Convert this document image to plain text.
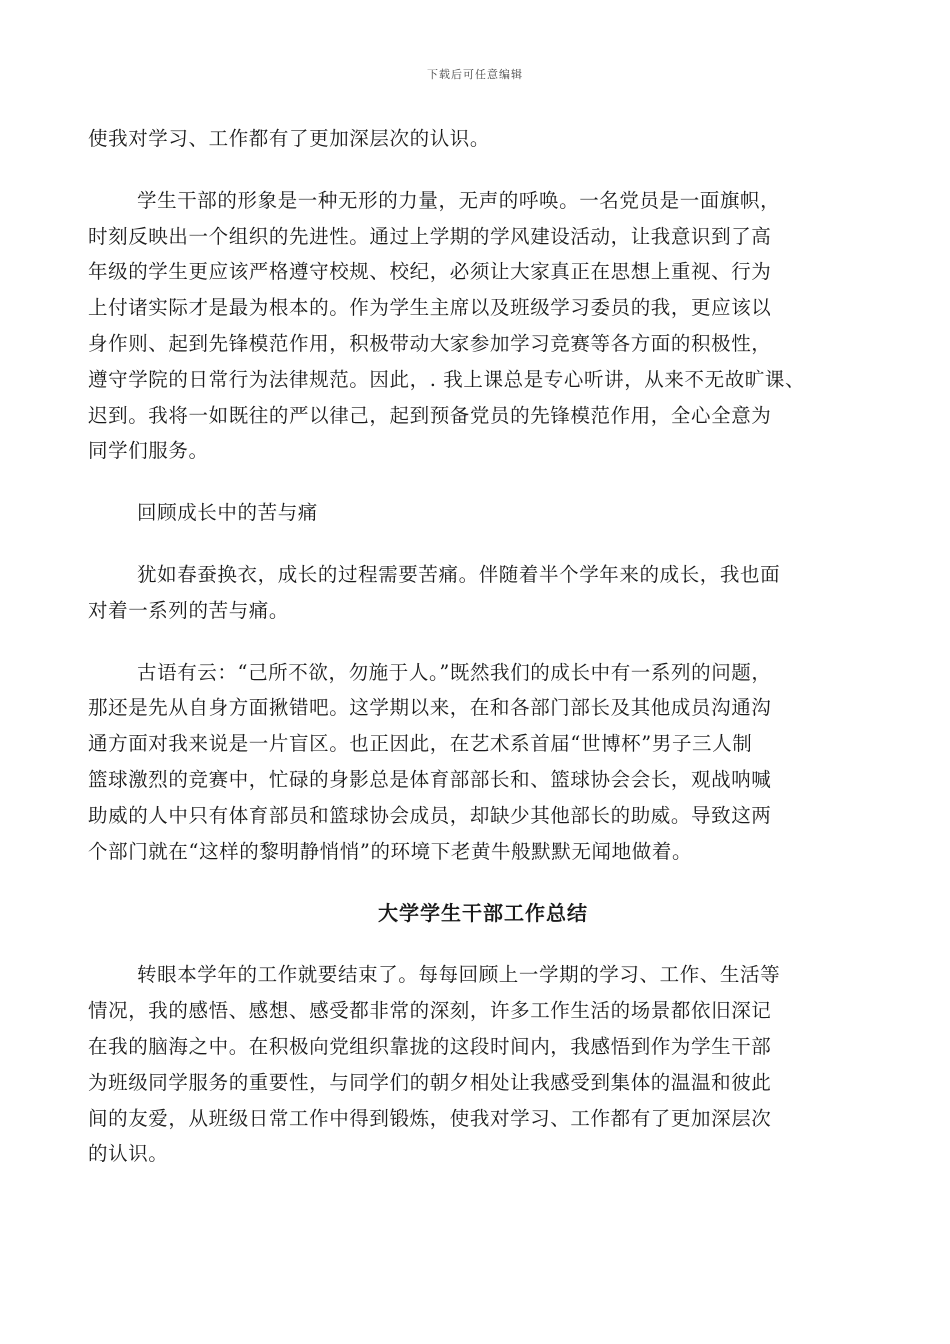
下载后可任意编辑
使我对学习、工作都有了更加深层次的认识。
学生干部的形象是一种无形的力量，无声的呼唤。一名党员是一面旗帜，
时刻反映出一个组织的先进性。通过上学期的学风建设活动，让我意识到了高
年级的学生更应该严格遵守校规、校纪，必须让大家真正在思想上重视、行为
上付诸实际才是最为根本的。作为学生主席以及班级学习委员的我，更应该以
身作则、起到先锋模范作用，积极带动大家参加学习竞赛等各方面的积极性，
遵守学院的日常行为法律规范。因此，. 我上课总是专心听讲，从来不无故旷课、
迟到。我将一如既往的严以律己，起到预备党员的先锋模范作用，全心全意为
同学们服务。
回顾成长中的苦与痛
犹如春蚕换衣，成长的过程需要苦痛。伴随着半个学年来的成长，我也面
对着一系列的苦与痛。
古语有云：“己所不欲，勿施于人。”既然我们的成长中有一系列的问题，
那还是先从自身方面揪错吧。这学期以来，在和各部门部长及其他成员沟通沟
通方面对我来说是一片盲区。也正因此，在艺术系首届“世博杯”男子三人制
篮球激烈的竞赛中，忙碌的身影总是体育部部长和、篮球协会会长，观战呐喊
助威的人中只有体育部员和篮球协会成员，却缺少其他部长的助威。导致这两
个部门就在“这样的黎明静悄悄”的环境下老黄牛般默默无闻地做着。
大学学生干部工作总结
转眼本学年的工作就要结束了。每每回顾上一学期的学习、工作、生活等
情况，我的感悟、感想、感受都非常的深刻，许多工作生活的场景都依旧深记
在我的脑海之中。在积极向党组织靠拢的这段时间内，我感悟到作为学生干部
为班级同学服务的重要性，与同学们的朝夕相处让我感受到集体的温温和彼此
间的友爱，从班级日常工作中得到锻炼，使我对学习、工作都有了更加深层次
的认识。
